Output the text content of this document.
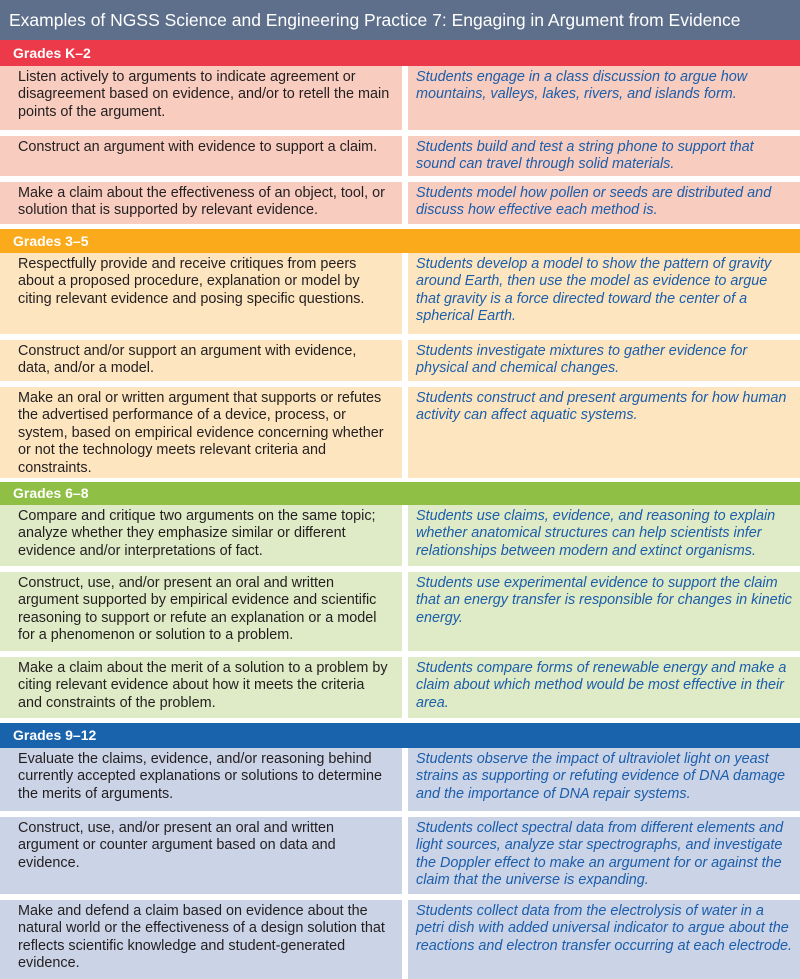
Examples of NGSS Science and Engineering Practice 7: Engaging in Argument from Evidence
Grades K–2
Listen actively to arguments to indicate agreement or disagreement based on evidence, and/or to retell the main points of the argument.
Students engage in a class discussion to argue how mountains, valleys, lakes, rivers, and islands form.
Construct an argument with evidence to support a claim.	Students build and test a string phone to support that sound can travel through solid materials.
Make a claim about the effectiveness of an object, tool, or solution that is supported by relevant evidence.
Students model how pollen or seeds are distributed and discuss how effective each method is.
Grades 3–5
Respectfully provide and receive critiques from peers about a proposed procedure, explanation or model by citing relevant evidence and posing specific questions.
Students develop a model to show the pattern of gravity around Earth, then use the model as evidence to argue that gravity is a force directed toward the center of a spherical Earth.
Construct and/or support an argument with evidence, data, and/or a model.
Students investigate mixtures to gather evidence for physical and chemical changes.
Make an oral or written argument that supports or refutes the advertised performance of a device, process, or system, based on empirical evidence concerning whether or not the technology meets relevant criteria and constraints.
Students construct and present arguments for how human activity can affect aquatic systems.
Grades 6–8
Compare and critique two arguments on the same topic; analyze whether they emphasize similar or different evidence and/or interpretations of fact.
Students use claims, evidence, and reasoning to explain whether anatomical structures can help scientists infer relationships between modern and extinct organisms.
Construct, use, and/or present an oral and written argument supported by empirical evidence and scientific reasoning to support or refute an explanation or a model for a phenomenon or solution to a problem.
Students use experimental evidence to support the claim that an energy transfer is responsible for changes in kinetic energy.
Make a claim about the merit of a solution to a problem by citing relevant evidence about how it meets the criteria and constraints of the problem.
Students compare forms of renewable energy and make a claim about which method would be most effective in their area.
Grades 9–12
Evaluate the claims, evidence, and/or reasoning behind currently accepted explanations or solutions to determine the merits of arguments.
Students observe the impact of ultraviolet light on yeast strains as supporting or refuting evidence of DNA damage and the importance of DNA repair systems.
Construct, use, and/or present an oral and written argument or counter argument based on data and evidence.
Students collect spectral data from different elements and light sources, analyze star spectrographs, and investigate the Doppler effect to make an argument for or against the claim that the universe is expanding.
Make and defend a claim based on evidence about the natural world or the effectiveness of a design solution that reflects scientific knowledge and student-generated evidence.
Students collect data from the electrolysis of water in a petri dish with added universal indicator to argue about the reactions and electron transfer occurring at each electrode.
